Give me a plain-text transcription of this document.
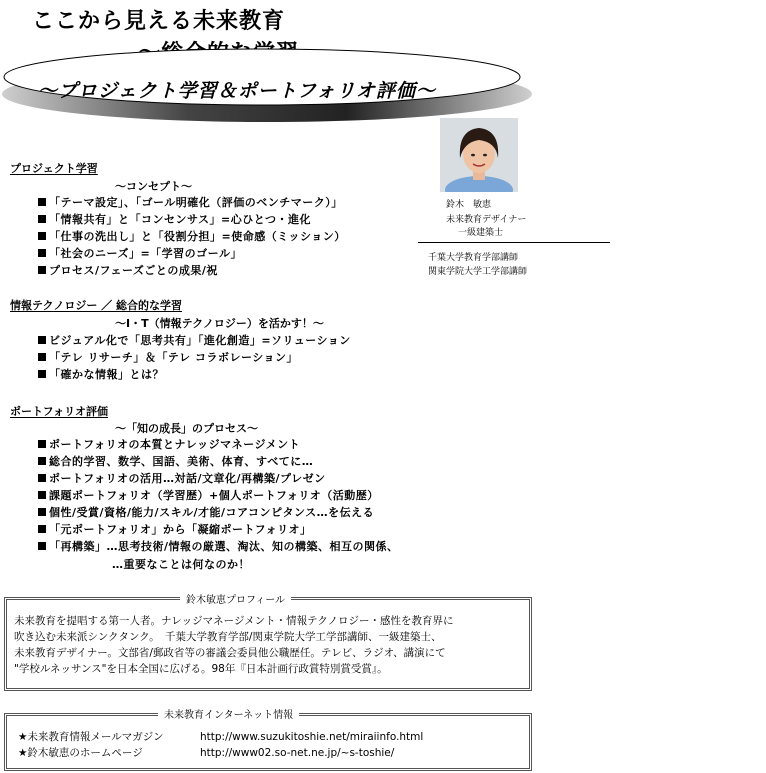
ここから見える未来教育
～プロジェクト学習＆ポートフォリオ評価～
鈴木　敏恵
未来教育デザイナー
一級建築士
千葉大学教育学部講師
関東学院大学工学部講師
プロジェクト学習
～コンセプト～
「テーマ設定」、「ゴール明確化（評価のベンチマーク）」
「情報共有」と「コンセンサス」=心ひとつ・進化
「仕事の洗出し」と「役割分担」=使命感（ミッション）
「社会のニーズ」=「学習のゴール」
プロセス/フェーズごとの成果/祝
情報テクノロジー ／ 総合的な学習
～I・T（情報テクノロジー）を活かす！～
ビジュアル化で「思考共有」「進化創造」=ソリューション
「テレ リサーチ」＆「テレ コラボレーション」
「確かな情報」とは？
ポートフォリオ評価
～「知の成長」のプロセス～
ポートフォリオの本質とナレッジマネージメント
総合的学習、数学、国語、美術、体育、すべてに…
ポートフォリオの活用…対話/文章化/再構築/プレゼン
課題ポートフォリオ（学習歴）+個人ポートフォリオ（活動歴）
個性/受賞/資格/能力/スキル/才能/コアコンピタンス…を伝える
「元ポートフォリオ」から「凝縮ポートフォリオ」
「再構築」…思考技術/情報の厳選、淘汰、知の構築、相互の関係、
…重要なことは何なのか！
鈴木敏恵プロフィール
未来教育を提唱する第一人者。ナレッジマネージメント・情報テクノロジー・感性を教育界に
吹き込む未来派シンクタンク。　千葉大学教育学部/関東学院大学工学部講師、一級建築士、
未来教育デザイナー。文部省/郵政省等の審議会委員他公職歴任。テレビ、ラジオ、講演にて
"学校ルネッサンス"を日本全国に広げる。98年『日本計画行政賞特別賞受賞』。
未来教育インターネット情報
★未来教育情報メールマガジン	http://www.suzukitoshie.net/miraiinfo.html
★鈴木敏恵のホームページ	http://www02.so-net.ne.jp/~s-toshie/
